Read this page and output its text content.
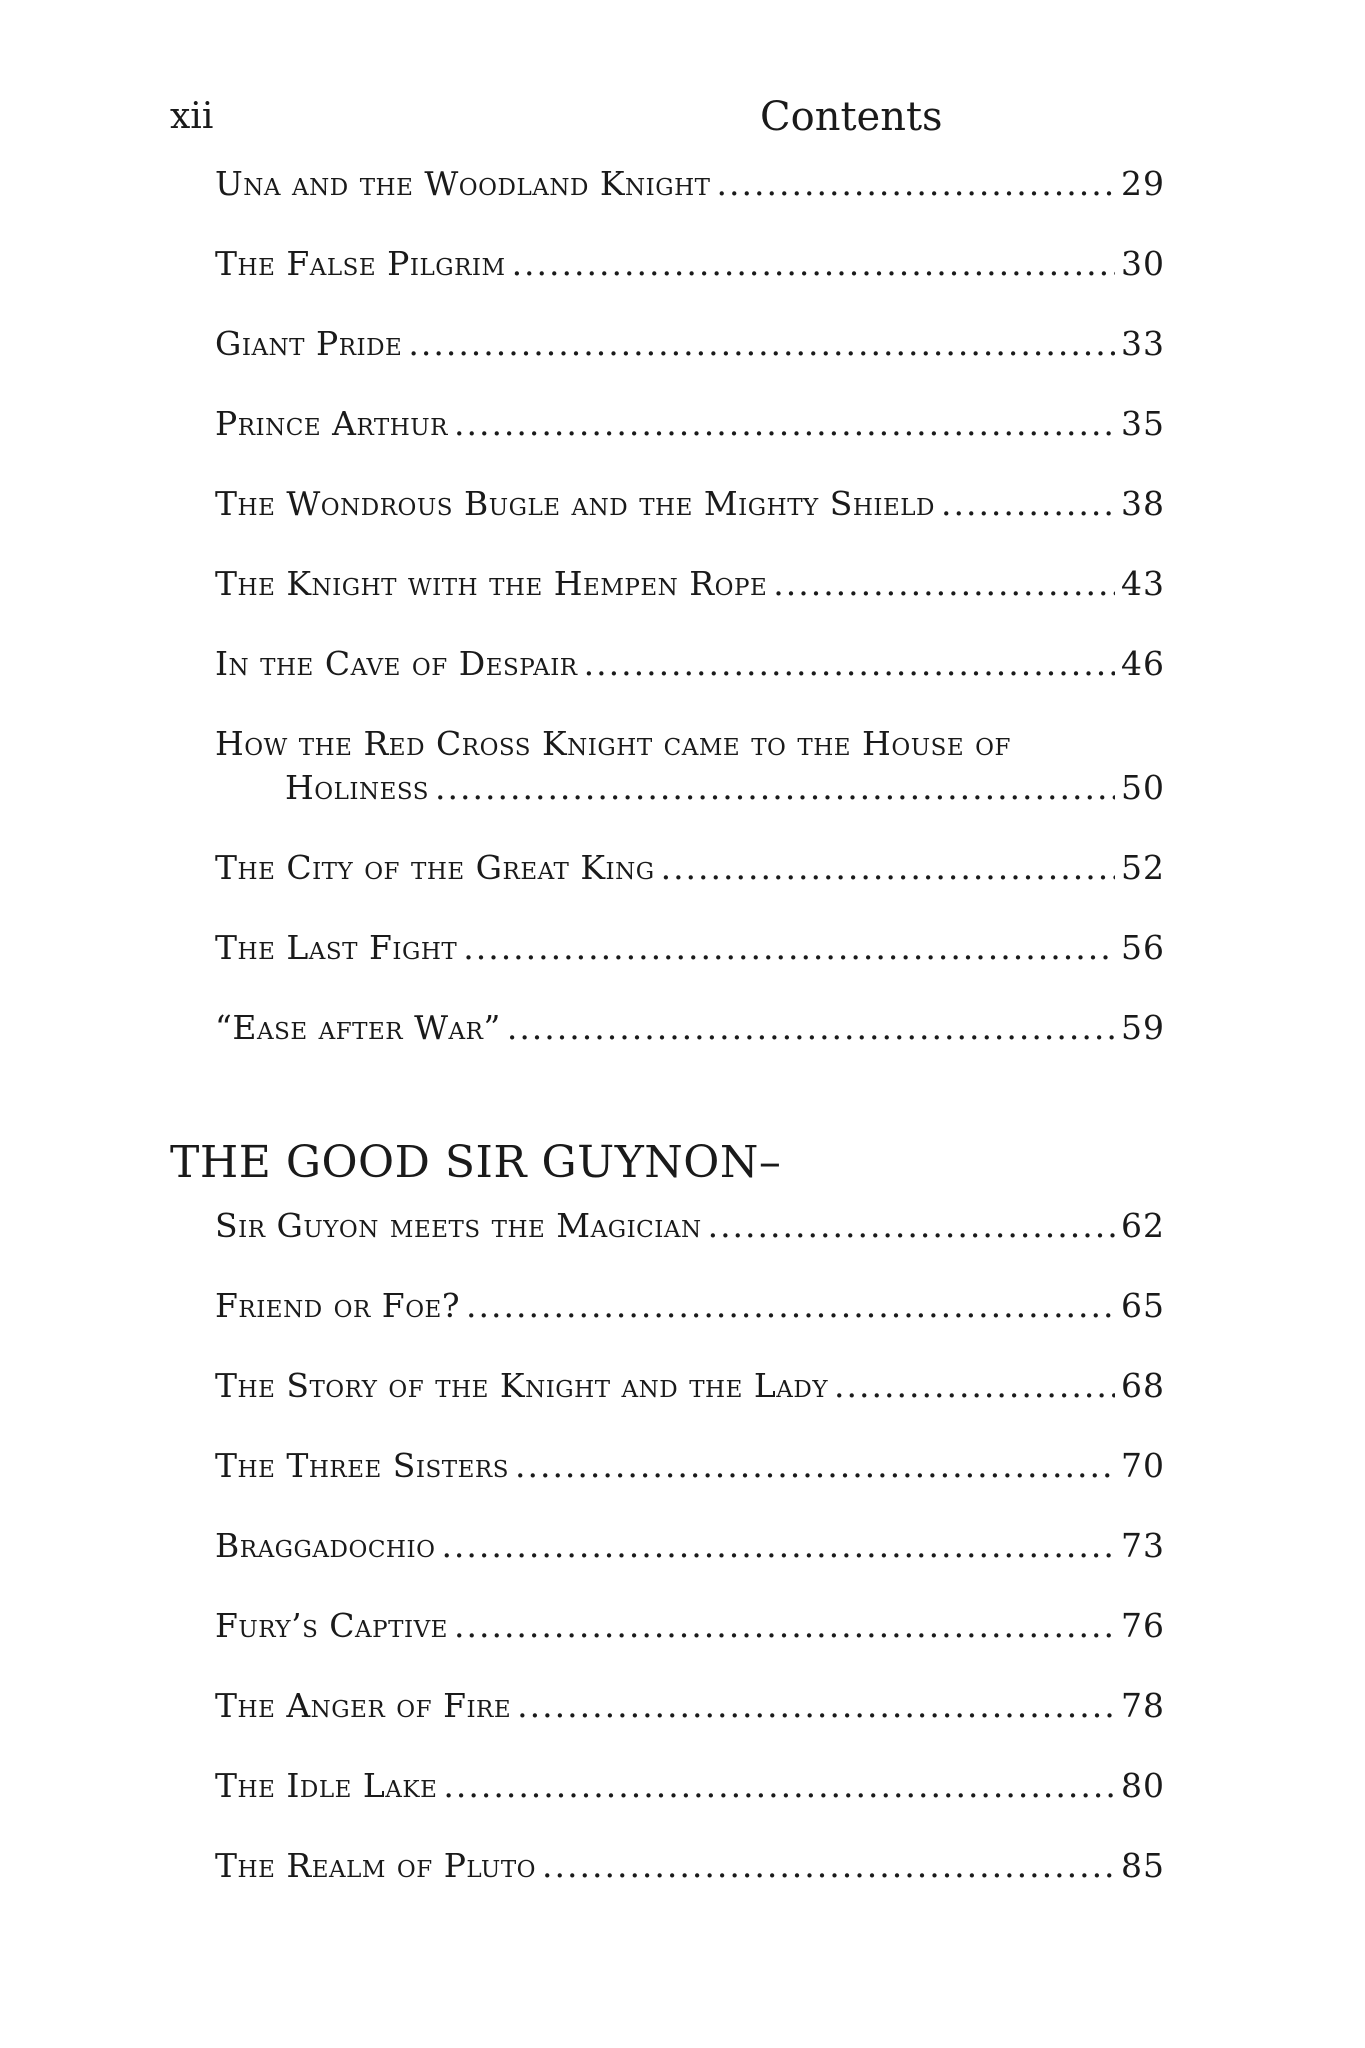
xii	Contents
Una and the Woodland Knight .....	29
The False Pilgrim .....	30
Giant Pride .....	33
Prince Arthur .....	35
The Wondrous Bugle and the Mighty Shield .....	38
The Knight with the Hempen Rope .....	43
In the Cave of Despair .....	46
How the Red Cross Knight came to the House of
Holiness .....	50
The City of the Great King .....	52
The Last Fight .....	56
“Ease after War” .....	59
THE GOOD SIR GUYNON–
Sir Guyon meets the Magician .....	62
Friend or Foe? .....	65
The Story of the Knight and the Lady .....	68
The Three Sisters .....	70
Braggadochio .....	73
Fury’s Captive .....	76
The Anger of Fire .....	78
The Idle Lake .....	80
The Realm of Pluto .....	85
